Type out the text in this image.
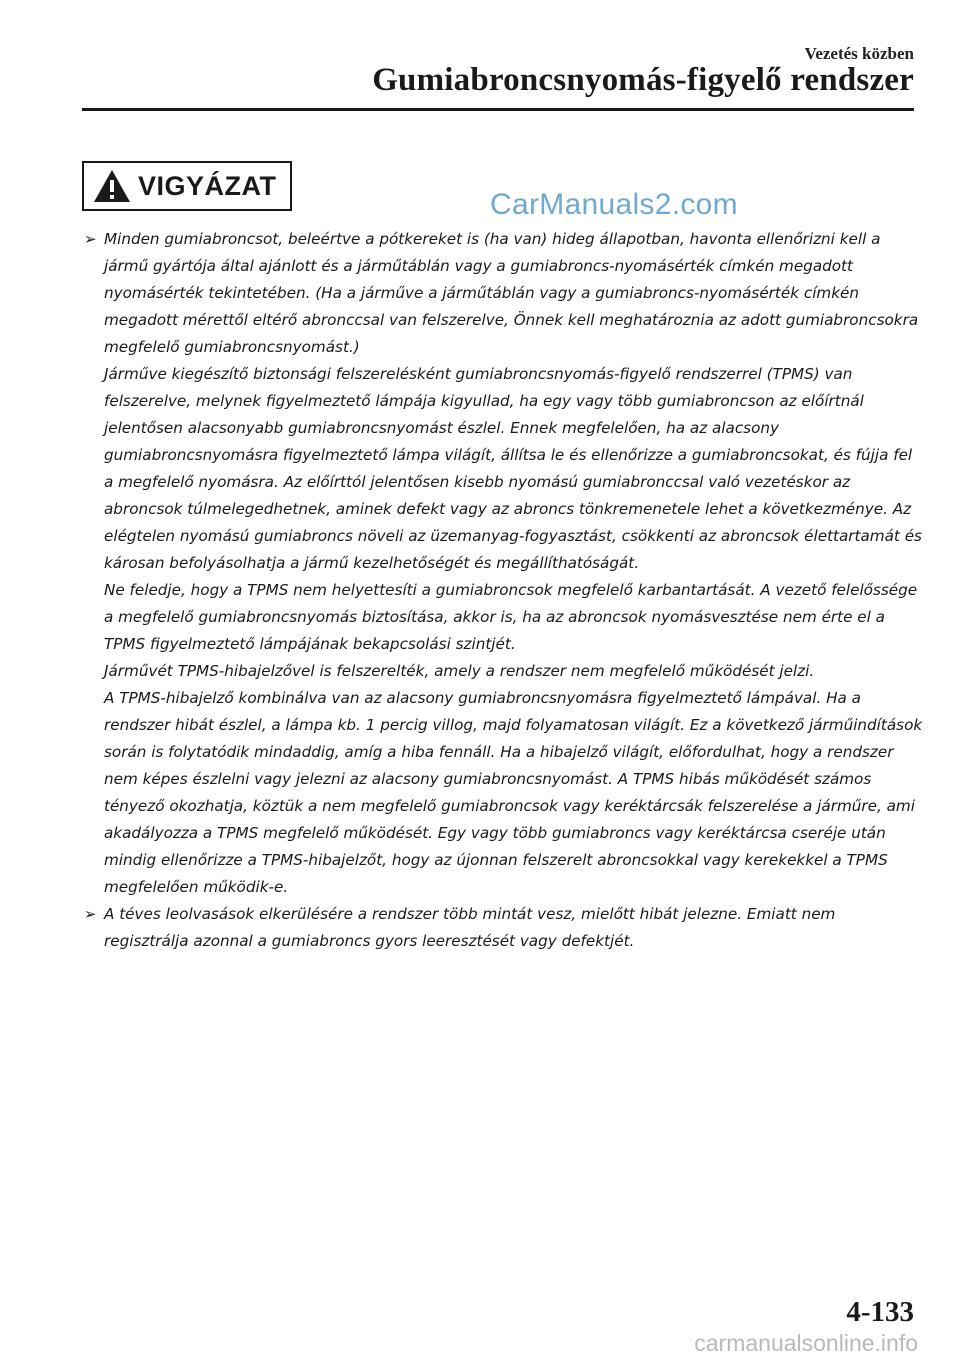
Vezetés közben
Gumiabroncsnyomás-figyelő rendszer
VIGYÁZAT
CarManuals2.com
➢ Minden gumiabroncsot, beleértve a pótkereket is (ha van) hideg állapotban, havonta ellenőrizni kell a jármű gyártója által ajánlott és a járműtáblán vagy a gumiabroncs-nyomásérték címkén megadott nyomásérték tekintetében. (Ha a járműve a járműtáblán vagy a gumiabroncs-nyomásérték címkén megadott mérettől eltérő abronccsal van felszerelve, Önnek kell meghatároznia az adott gumiabroncsokra megfelelő gumiabroncsnyomást.)
Járműve kiegészítő biztonsági felszerelésként gumiabroncsnyomás-figyelő rendszerrel (TPMS) van felszerelve, melynek figyelmeztető lámpája kigyullad, ha egy vagy több gumiabroncson az előírtnál jelentősen alacsonyabb gumiabroncsnyomást észlel. Ennek megfelelően, ha az alacsony gumiabroncsnyomásra figyelmeztető lámpa világít, állítsa le és ellenőrizze a gumiabroncsokat, és fújja fel a megfelelő nyomásra. Az előírttól jelentősen kisebb nyomású gumiabronccsal való vezetéskor az abroncsok túlmelegedhetnek, aminek defekt vagy az abroncs tönkremenetele lehet a következménye. Az elégtelen nyomású gumiabroncs növeli az üzemanyag-fogyasztást, csökkenti az abroncsok élettartamát és károsan befolyásolhatja a jármű kezelhetőségét és megállíthatóságát.
Ne feledje, hogy a TPMS nem helyettesíti a gumiabroncsok megfelelő karbantartását. A vezető felelőssége a megfelelő gumiabroncsnyomás biztosítása, akkor is, ha az abroncsok nyomásvesztése nem érte el a TPMS figyelmeztető lámpájának bekapcsolási szintjét.
Járművét TPMS-hibajelzővel is felszerelték, amely a rendszer nem megfelelő működését jelzi.
A TPMS-hibajelző kombinálva van az alacsony gumiabroncsnyomásra figyelmeztető lámpával. Ha a rendszer hibát észlel, a lámpa kb. 1 percig villog, majd folyamatosan világít. Ez a következő járműindítások során is folytatódik mindaddig, amíg a hiba fennáll. Ha a hibajelző világít, előfordulhat, hogy a rendszer nem képes észlelni vagy jelezni az alacsony gumiabroncsnyomást. A TPMS hibás működését számos tényező okozhatja, köztük a nem megfelelő gumiabroncsok vagy keréktárcsák felszerelése a járműre, ami akadályozza a TPMS megfelelő működését. Egy vagy több gumiabroncs vagy keréktárcsa cseréje után mindig ellenőrizze a TPMS-hibajelzőt, hogy az újonnan felszerelt abroncsokkal vagy kerekekkel a TPMS megfelelően működik-e.
➢ A téves leolvasások elkerülésére a rendszer több mintát vesz, mielőtt hibát jelezne. Emiatt nem regisztrálja azonnal a gumiabroncs gyors leeresztését vagy defektjét.
4-133
carmanualsonline.info
